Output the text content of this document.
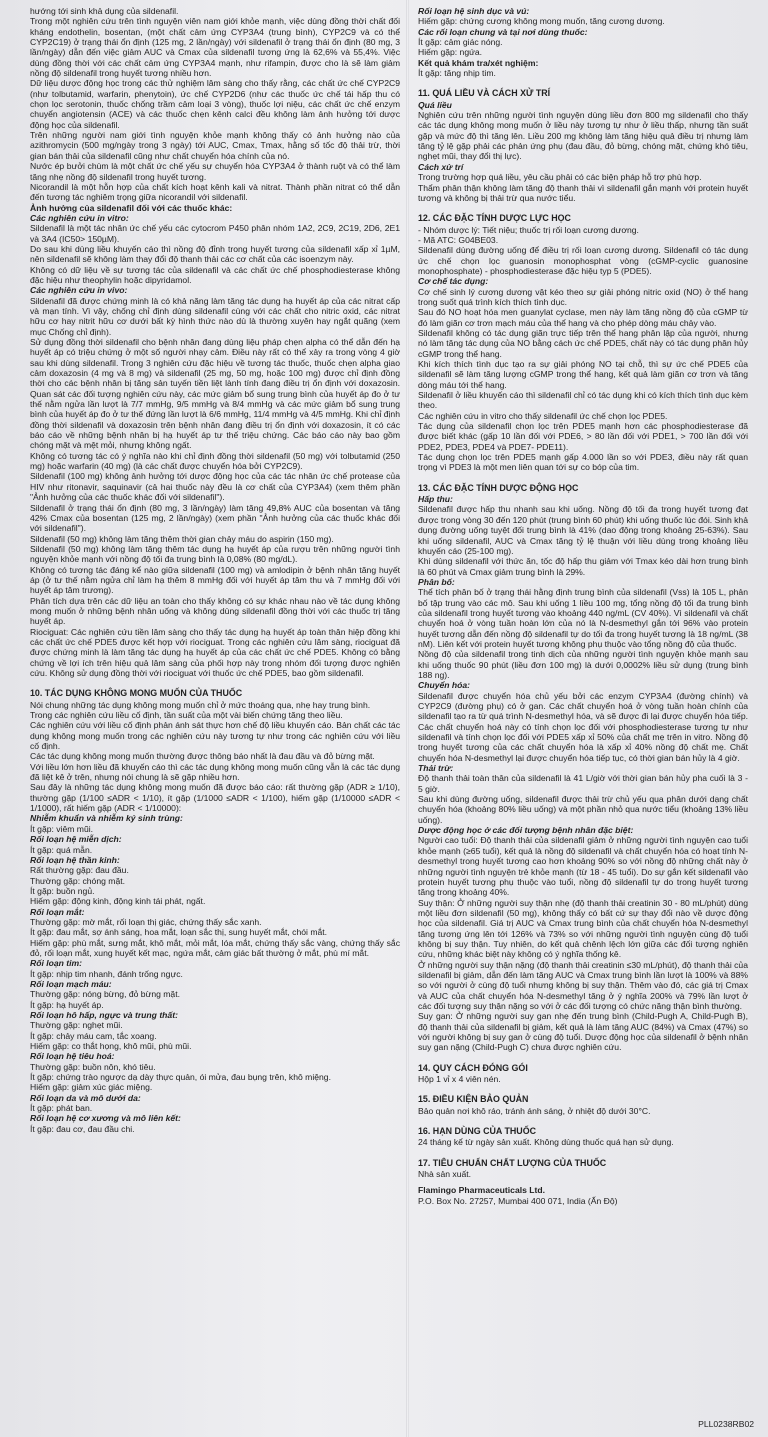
hướng tới sinh khả dụng của sildenafil.

Trong một nghiên cứu trên tình nguyện viên nam giới khỏe mạnh, việc dùng đồng thời chất đối kháng endothelin, bosentan, (một chất cảm ứng CYP3A4 (trung bình), CYP2C9 và có thể CYP2C19) ở trạng thái ổn định (125 mg, 2 lần/ngày) với sildenafil ở trạng thái ổn định (80 mg, 3 lần/ngày) dẫn đến việc giảm AUC và Cmax của sildenafil tương ứng là 62,6% và 55,4%. Việc dùng đồng thời với các chất cảm ứng CYP3A4 mạnh, như rifampin, được cho là sẽ làm giảm nồng độ sildenafil trong huyết tương nhiều hơn.

Dữ liệu dược động học trong các thử nghiệm lâm sàng cho thấy rằng, các chất ức chế CYP2C9 (như tolbutamid, warfarin, phenytoin), ức chế CYP2D6 (như các thuốc ức chế tái hấp thu có chọn lọc serotonin, thuốc chống trầm cảm loại 3 vòng), thuốc lợi niệu, các chất ức chế enzym chuyển angiotensin (ACE) và các thuốc chẹn kênh calci đều không làm ảnh hưởng tới dược động học của sildenafil.

Trên những người nam giới tình nguyện khỏe mạnh không thấy có ảnh hưởng nào của azithromycin (500 mg/ngày trong 3 ngày) tới AUC, Cmax, Tmax, hằng số tốc độ thải trừ, thời gian bán thải của sildenafil cũng như chất chuyển hóa chính của nó.

Nước ép bưởi chùm là một chất ức chế yếu sự chuyển hóa CYP3A4 ở thành ruột và có thể làm tăng nhẹ nồng độ sildenafil trong huyết tương.

Nicorandil là một hỗn hợp của chất kích hoạt kênh kali và nitrat. Thành phần nitrat có thể dẫn đến tương tác nghiêm trọng giữa nicorandil với sildenafil.

Ảnh hưởng của sildenafil đối với các thuốc khác:

Các nghiên cứu in vitro:

Sildenafil là một tác nhân ức chế yếu các cytocrom P450 phân nhóm 1A2, 2C9, 2C19, 2D6, 2E1 và 3A4 (IC50> 150µM).

Do sau khi dùng liều khuyến cáo thì nồng độ đỉnh trong huyết tương của sildenafil xấp xỉ 1µM, nên sildenafil sẽ không làm thay đổi độ thanh thải các cơ chất của các isoenzym này.

Không có dữ liệu về sự tương tác của sildenafil và các chất ức chế phosphodiesterase không đặc hiệu như theophylin hoặc dipyridamol.

Các nghiên cứu in vivo:

Sildenafil đã được chứng minh là có khả năng làm tăng tác dụng hạ huyết áp của các nitrat cấp và mạn tính. Vì vậy, chống chỉ định dùng sildenafil cùng với các chất cho nitric oxid, các nitrat hữu cơ hay nitrit hữu cơ dưới bất kỳ hình thức nào dù là thường xuyên hay ngắt quãng (xem mục Chống chỉ định).

Sử dụng đồng thời sildenafil cho bệnh nhân đang dùng liệu pháp chẹn alpha có thể dẫn đến hạ huyết áp có triệu chứng ở một số người nhạy cảm. Điều này rất có thể xảy ra trong vòng 4 giờ sau khi dùng sildenafil. Trong 3 nghiên cứu đặc hiệu về tương tác thuốc, thuốc chẹn alpha giao cảm doxazosin (4 mg và 8 mg) và sildenafil (25 mg, 50 mg, hoặc 100 mg) được chỉ định đồng thời cho các bệnh nhân bị tăng sản tuyến tiền liệt lành tính đang điều trị ổn định với doxazosin. Quan sát các đối tượng nghiên cứu này, các mức giảm bổ sung trung bình của huyết áp đo ở tư thế nằm ngửa lần lượt là 7/7 mmHg, 9/5 mmHg và 8/4 mmHg và các mức giảm bổ sung trung bình của huyết áp đo ở tư thế đứng lần lượt là 6/6 mmHg, 11/4 mmHg và 4/5 mmHg. Khi chỉ định đồng thời sildenafil và doxazosin trên bệnh nhân đang điều trị ổn định với doxazosin, ít có các báo cáo về những bệnh nhân bị hạ huyết áp tư thế triệu chứng. Các báo cáo này bao gồm chóng mặt và mệt mỏi, nhưng không ngất.

Không có tương tác có ý nghĩa nào khi chỉ định đồng thời sildenafil (50 mg) với tolbutamid (250 mg) hoặc warfarin (40 mg) (là các chất được chuyển hóa bởi CYP2C9).

Sildenafil (100 mg) không ảnh hưởng tới dược động học của các tác nhân ức chế protease của HIV như ritonavir, saquinavir (cả hai thuốc này đều là cơ chất của CYP3A4) (xem thêm phần "Ảnh hưởng của các thuốc khác đối với sildenafil").

Sildenafil ở trạng thái ổn định (80 mg, 3 lần/ngày) làm tăng 49,8% AUC của bosentan và tăng 42% Cmax của bosentan (125 mg, 2 lần/ngày) (xem phần "Ảnh hưởng của các thuốc khác đối với sildenafil").

Sildenafil (50 mg) không làm tăng thêm thời gian chảy máu do aspirin (150 mg).

Sildenafil (50 mg) không làm tăng thêm tác dụng hạ huyết áp của rượu trên những người tình nguyện khỏe mạnh với nồng độ tối đa trung bình là 0,08% (80 mg/dL).

Không có tương tác đáng kể nào giữa sildenafil (100 mg) và amlodipin ở bệnh nhân tăng huyết áp (ở tư thế nằm ngửa chỉ làm hạ thêm 8 mmHg đối với huyết áp tâm thu và 7 mmHg đối với huyết áp tâm trương).

Phân tích dựa trên các dữ liệu an toàn cho thấy không có sự khác nhau nào về tác dụng không mong muốn ở những bệnh nhân uống và không dùng sildenafil đồng thời với các thuốc trị tăng huyết áp.

Riociguat: Các nghiên cứu tiền lâm sàng cho thấy tác dụng hạ huyết áp toàn thân hiệp đồng khi các chất ức chế PDE5 được kết hợp với riociguat. Trong các nghiên cứu lâm sàng, riociguat đã được chứng minh là làm tăng tác dụng hạ huyết áp của các chất ức chế PDE5. Không có bằng chứng về lợi ích trên hiệu quả lâm sàng của phối hợp này trong nhóm đối tượng được nghiên cứu. Không sử dụng đồng thời với riociguat với thuốc ức chế PDE5, bao gồm sildenafil.

10. TÁC DỤNG KHÔNG MONG MUỐN CỦA THUỐC

Nói chung những tác dụng không mong muốn chỉ ở mức thoáng qua, nhẹ hay trung bình.

Trong các nghiên cứu liều cố định, tần suất của một vài biến chứng tăng theo liều.

Các nghiên cứu với liều cố định phản ánh sát thực hơn chế độ liều khuyến cáo. Bản chất các tác dụng không mong muốn trong các nghiên cứu này tương tự như trong các nghiên cứu với liều cố định.

Các tác dụng không mong muốn thường được thông báo nhất là đau đầu và đỏ bừng mặt.

Với liều lớn hơn liều đã khuyến cáo thì các tác dụng không mong muốn cũng vẫn là các tác dụng đã liệt kê ở trên, nhưng nói chung là sẽ gặp nhiều hơn.

Sau đây là những tác dụng không mong muốn đã được báo cáo: rất thường gặp (ADR ≥ 1/10), thường gặp (1/100 ≤ADR < 1/10), ít gặp (1/1000 ≤ADR < 1/100), hiếm gặp (1/10000 ≤ADR < 1/1000), rất hiếm gặp (ADR < 1/10000):

Nhiễm khuẩn và nhiễm ký sinh trùng:

Ít gặp: viêm mũi.

Rối loạn hệ miễn dịch:

Ít gặp: quá mẫn.

Rối loạn hệ thần kinh:

Rất thường gặp: đau đầu.

Thường gặp: chóng mặt.

Ít gặp: buồn ngủ.

Hiếm gặp: động kinh, động kinh tái phát, ngất.

Rối loạn mắt:

Thường gặp: mờ mắt, rối loạn thị giác, chứng thấy sắc xanh.

Ít gặp: đau mắt, sợ ánh sáng, hoa mắt, loạn sắc thị, sung huyết mắt, chói mắt.

Hiếm gặp: phù mắt, sưng mắt, khô mắt, mỏi mắt, lóa mắt, chứng thấy sắc vàng, chứng thấy sắc đỏ, rối loạn mắt, xung huyết kết mạc, ngứa mắt, cảm giác bất thường ở mắt, phù mí mắt.

Rối loạn tim:

Ít gặp: nhịp tim nhanh, đánh trống ngực.

Rối loạn mạch máu:

Thường gặp: nóng bừng, đỏ bừng mặt.

Ít gặp: hạ huyết áp.

Rối loạn hô hấp, ngực và trung thất:

Thường gặp: nghẹt mũi.

Ít gặp: chảy máu cam, tắc xoang.

Hiếm gặp: co thắt họng, khô mũi, phù mũi.

Rối loạn hệ tiêu hoá:

Thường gặp: buồn nôn, khó tiêu.

Ít gặp: chứng trào ngược dạ dày thực quản, ói mửa, đau bụng trên, khô miệng.

Hiếm gặp: giảm xúc giác miệng.

Rối loạn da và mô dưới da:

Ít gặp: phát ban.

Rối loạn hệ cơ xương và mô liên kết:

Ít gặp: đau cơ, đau đầu chi.

Rối loạn hệ sinh dục và vú:

Hiếm gặp: chứng cương không mong muốn, tăng cương dương.

Các rối loạn chung và tại nơi dùng thuốc:

Ít gặp: cảm giác nóng.

Hiếm gặp: ngứa.

Kết quả khám tra/xét nghiệm:

Ít gặp: tăng nhịp tim.

11. QUÁ LIỀU VÀ CÁCH XỬ TRÍ

Quá liều

Nghiên cứu trên những người tình nguyện dùng liều đơn 800 mg sildenafil cho thấy các tác dụng không mong muốn ở liều này tương tự như ở liều thấp, nhưng tần suất gặp và mức độ thì tăng lên. Liều 200 mg không làm tăng hiệu quả điều trị nhưng làm tăng tỷ lệ gặp phải các phản ứng phụ (đau đầu, đỏ bừng, chóng mặt, chứng khó tiêu, nghẹt mũi, thay đổi thị lực).

Cách xử trí

Trong trường hợp quá liều, yêu cầu phải có các biện pháp hỗ trợ phù hợp.

Thẩm phân thận không làm tăng độ thanh thải vì sildenafil gắn mạnh với protein huyết tương và không bị thải trừ qua nước tiểu.

12. CÁC ĐẶC TÍNH DƯỢC LỰC HỌC

- Nhóm dược lý: Tiết niệu; thuốc trị rối loạn cương dương.

- Mã ATC: G04BE03.

Sildenafil dùng đường uống để điều trị rối loạn cương dương. Sildenafil có tác dụng ức chế chọn lọc guanosin monophosphat vòng (cGMP-cyclic guanosine monophosphate) - phosphodiesterase đặc hiệu typ 5 (PDE5).

Cơ chế tác dụng:

Cơ chế sinh lý cương dương vật kéo theo sự giải phóng nitric oxid (NO) ở thể hang trong suốt quá trình kích thích tình dục.

Sau đó NO hoạt hóa men guanylat cyclase, men này làm tăng nồng độ của cGMP từ đó làm giãn cơ trơn mạch máu của thể hang và cho phép dòng máu chảy vào.

Sildenafil không có tác dụng giãn trực tiếp trên thể hang phân lập của người, nhưng nó làm tăng tác dụng của NO bằng cách ức chế PDE5, chất này có tác dụng phân hủy cGMP trong thể hang.

Khi kích thích tình dục tạo ra sự giải phóng NO tại chỗ, thì sự ức chế PDE5 của sildenafil sẽ làm tăng lượng cGMP trong thể hang, kết quả làm giãn cơ trơn và tăng dòng máu tới thể hang.

Sildenafil ở liều khuyến cáo thì sildenafil chỉ có tác dụng khi có kích thích tình dục kèm theo.

Các nghiên cứu in vitro cho thấy sildenafil ức chế chọn lọc PDE5.

Tác dụng của sildenafil chọn lọc trên PDE5 mạnh hơn các phosphodiesterase đã được biết khác (gấp 10 lần đối với PDE6, > 80 lần đối với PDE1, > 700 lần đối với PDE2, PDE3, PDE4 và PDE7- PDE11).

Tác dụng chọn lọc trên PDE5 mạnh gấp 4.000 lần so với PDE3, điều này rất quan trọng vì PDE3 là một men liên quan tới sự co bóp của tim.

13. CÁC ĐẶC TÍNH DƯỢC ĐỘNG HỌC

Hấp thu:

Sildenafil được hấp thu nhanh sau khi uống. Nồng độ tối đa trong huyết tương đạt được trong vòng 30 đến 120 phút (trung bình 60 phút) khi uống thuốc lúc đói. Sinh khả dụng đường uống tuyệt đối trung bình là 41% (dao động trong khoảng 25-63%). Sau khi uống sildenafil, AUC và Cmax tăng tỷ lệ thuận với liều dùng trong khoảng liều khuyến cáo (25-100 mg).

Khi dùng sildenafil với thức ăn, tốc độ hấp thu giảm với Tmax kéo dài hơn trung bình là 60 phút và Cmax giảm trung bình là 29%.

Phân bố:

Thể tích phân bố ở trạng thái hằng định trung bình của sildenafil (Vss) là 105 L, phản bố tập trung vào các mô. Sau khi uống 1 liều 100 mg, tổng nồng độ tối đa trung bình của sildenafil trong huyết tương vào khoảng 440 ng/mL (CV 40%). Vì sildenafil và chất chuyển hoá ở vòng tuần hoàn lớn của nó là N-desmethyl gắn tới 96% vào protein huyết tương dẫn đến nồng độ sildenafil tự do tối đa trong huyết tương là 18 ng/mL (38 nM). Liên kết với protein huyết tương không phụ thuộc vào tổng nồng độ của thuốc.

Nồng độ của sildenafil trong tinh dịch của những người tình nguyện khỏe mạnh sau khi uống thuốc 90 phút (liều đơn 100 mg) là dưới 0,0002% liều sử dụng (trung bình 188 ng).

Chuyển hóa:

Sildenafil được chuyển hóa chủ yếu bởi các enzym CYP3A4 (đường chính) và CYP2C9 (đường phụ) có ở gan. Các chất chuyển hoá ở vòng tuần hoàn chính của sildenafil tạo ra từ quá trình N-desmethyl hóa, và sẽ được đi lại được chuyển hóa tiếp. Các chất chuyển hoá này có tính chọn lọc đối với phosphodiesterase tương tự như sildenafil và tính chọn lọc đối với PDE5 xấp xỉ 50% của chất mẹ trên in vitro. Nồng độ trong huyết tương của các chất chuyển hóa là xấp xỉ 40% nồng độ chất mẹ. Chất chuyển hóa N-desmethyl lại được chuyển hóa tiếp tục, có thời gian bán hủy là 4 giờ.

Thải trừ:

Độ thanh thải toàn thân của sildenafil là 41 L/giờ với thời gian bán hủy pha cuối là 3 - 5 giờ.

Sau khi dùng đường uống, sildenafil được thải trừ chủ yếu qua phân dưới dạng chất chuyển hóa (khoảng 80% liều uống) và một phần nhỏ qua nước tiểu (khoảng 13% liều uống).

Dược động học ở các đối tượng bệnh nhân đặc biệt:

Người cao tuổi: Độ thanh thải của sildenafil giảm ở những người tình nguyện cao tuổi khỏe mạnh (≥65 tuổi), kết quả là nồng độ sildenafil và chất chuyển hóa có hoạt tính N-desmethyl trong huyết tương cao hơn khoảng 90% so với nồng độ những chất này ở những người tình nguyện trẻ khỏe mạnh (từ 18 - 45 tuổi). Do sự gắn kết sildenafil vào protein huyết tương phụ thuộc vào tuổi, nồng độ sildenafil tự do trong huyết tương tăng trong khoảng 40%.

Suy thận: Ở những người suy thận nhẹ (độ thanh thải creatinin 30 - 80 mL/phút) dùng một liều đơn sildenafil (50 mg), không thấy có bất cứ sự thay đổi nào về dược động học của sildenafil. Giá trị AUC và Cmax trung bình của chất chuyển hóa N-desmethyl tăng tương ứng lên tới 126% và 73% so với những người tình nguyện cùng độ tuổi không bị suy thận. Tuy nhiên, do kết quả chênh lệch lớn giữa các đối tượng nghiên cứu, những khác biệt này không có ý nghĩa thống kê.

Ở những người suy thận nặng (độ thanh thải creatinin ≤30 mL/phút), độ thanh thải của sildenafil bị giảm, dẫn đến làm tăng AUC và Cmax trung bình lần lượt là 100% và 88% so với người ở cùng độ tuổi nhưng không bị suy thận. Thêm vào đó, các giá trị Cmax và AUC của chất chuyển hóa N-desmethyl tăng ở ý nghĩa 200% và 79% lần lượt ở các đối tượng suy thận nặng so với ở các đối tượng có chức năng thận bình thường.

Suy gan: Ở những người suy gan nhẹ đến trung bình (Child-Pugh A, Child-Pugh B), độ thanh thải của sildenafil bị giảm, kết quả là làm tăng AUC (84%) và Cmax (47%) so với người không bị suy gan ở cùng độ tuổi. Dược động học của sildenafil ở bệnh nhân suy gan nặng (Child-Pugh C) chưa được nghiên cứu.

14. QUY CÁCH ĐÓNG GÓI

Hộp 1 vỉ x 4 viên nén.

15. ĐIỀU KIỆN BẢO QUẢN

Bảo quản nơi khô ráo, tránh ánh sáng, ở nhiệt độ dưới 30°C.

16. HẠN DÙNG CỦA THUỐC

24 tháng kể từ ngày sản xuất. Không dùng thuốc quá hạn sử dụng.

17. TIÊU CHUẨN CHẤT LƯỢNG CỦA THUỐC

Nhà sản xuất.

Flamingo Pharmaceuticals Ltd.

P.O. Box No. 27257, Mumbai 400 071, India (Ấn Độ)

PLL0238RB02
